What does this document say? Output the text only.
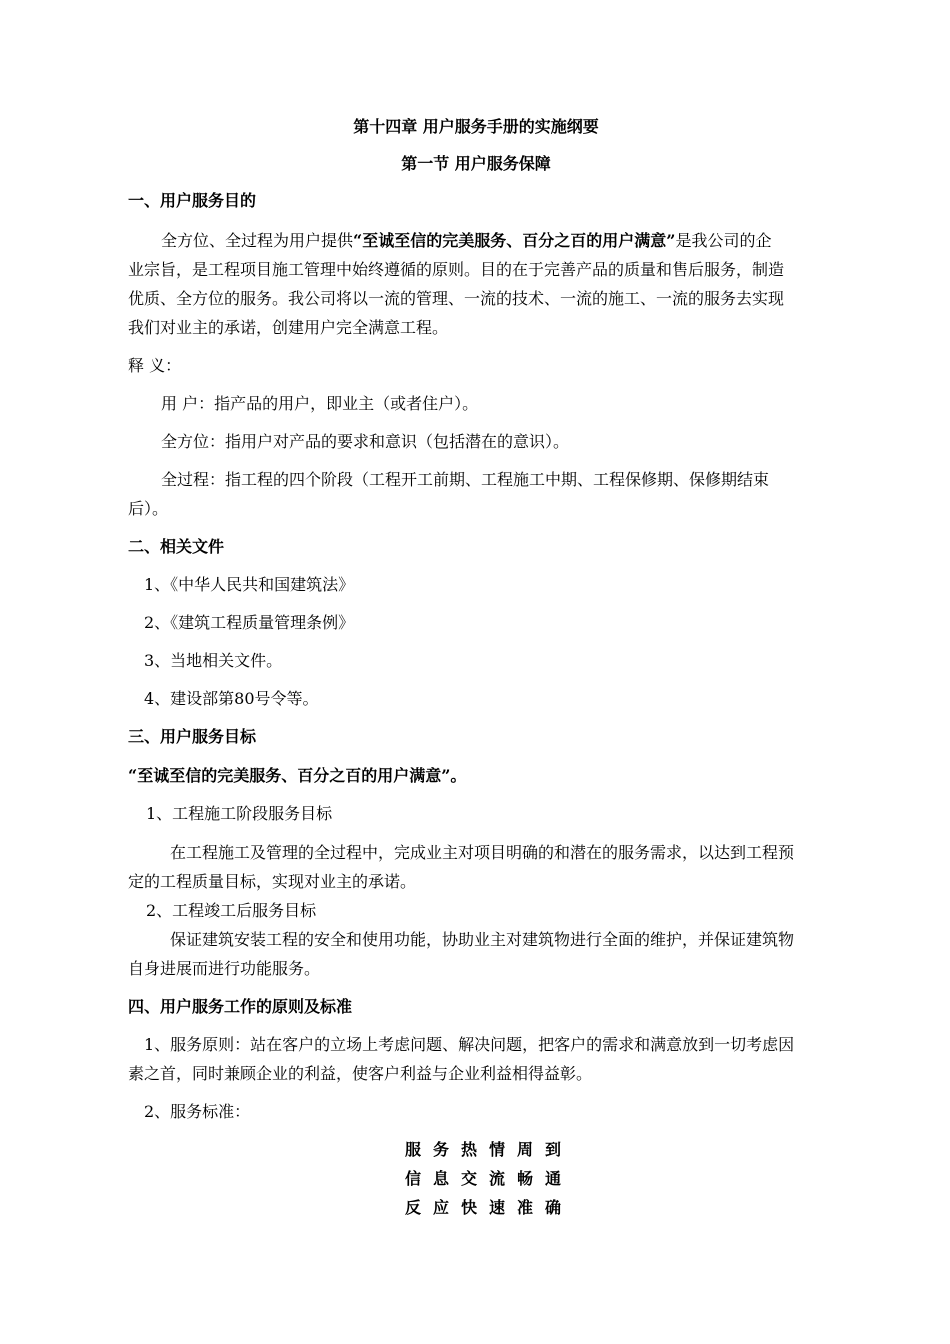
第十四章 用户服务手册的实施纲要
第一节 用户服务保障
一、用户服务目的
全方位、全过程为用户提供“至诚至信的完美服务、百分之百的用户满意”是我公司的企
业宗旨，是工程项目施工管理中始终遵循的原则。目的在于完善产品的质量和售后服务，制造
优质、全方位的服务。我公司将以一流的管理、一流的技术、一流的施工、一流的服务去实现
我们对业主的承诺，创建用户完全满意工程。
释 义：
用 户：指产品的用户，即业主（或者住户）。
全方位：指用户对产品的要求和意识（包括潜在的意识）。
全过程：指工程的四个阶段（工程开工前期、工程施工中期、工程保修期、保修期结束
后）。
二、相关文件
1、《中华人民共和国建筑法》
2、《建筑工程质量管理条例》
3、当地相关文件。
4、建设部第80号令等。
三、用户服务目标
“至诚至信的完美服务、百分之百的用户满意”。
1、工程施工阶段服务目标
在工程施工及管理的全过程中，完成业主对项目明确的和潜在的服务需求，以达到工程预
定的工程质量目标，实现对业主的承诺。
2、工程竣工后服务目标
保证建筑安装工程的安全和使用功能，协助业主对建筑物进行全面的维护，并保证建筑物
自身进展而进行功能服务。
四、用户服务工作的原则及标准
1、服务原则：站在客户的立场上考虑问题、解决问题，把客户的需求和满意放到一切考虑因
素之首，同时兼顾企业的利益，使客户利益与企业利益相得益彰。
2、服务标准：
服务热情周到
信息交流畅通
反应快速准确
